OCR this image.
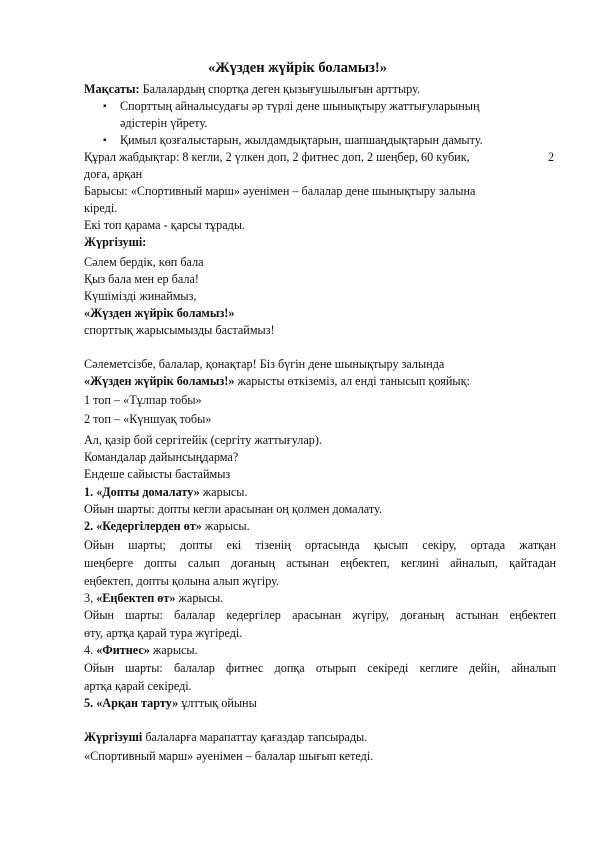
«Жүзден жүйрік боламыз!»
Мақсаты: Балалардың спортқа деген қызығушылығын арттыру.
▪ Спорттың айналысудағы әр түрлі дене шынықтыру жаттығуларының
әдістерін үйрету.
▪ Қимыл қозғалыстарын, жылдамдықтарын, шапшаңдықтарын дамыту.
Құрал жабдықтар: 8 кегли, 2 үлкен доп, 2 фитнес доп, 2 шеңбер, 60 кубик,	2
доға, арқан
Барысы: «Спортивный марш» әуенімен – балалар дене шынықтыру залына
кіреді.
Екі топ қарама - қарсы тұрады.
Жүргізуші:
Сәлем бердік, көп бала
Қыз бала мен ер бала!
Күшімізді жинаймыз,
«Жүзден жүйрік боламыз!»
спорттық жарысымызды бастаймыз!
Сәлеметсізбе, балалар, қонақтар! Біз бүгін дене шынықтыру залында
«Жүзден жүйрік боламыз!» жарысты өткіземіз, ал енді танысып қояйық:
1 топ – «Тұлпар тобы»
2 топ – «Күншуақ тобы»
Ал, қазір бой сергітейік (сергіту жаттығулар).
Командалар дайынсыңдарма?
Ендеше сайысты бастаймыз
1. «Допты домалату» жарысы.
Ойын шарты: допты кегли арасынан оң қолмен домалату.
2. «Кедергілерден өт» жарысы.
Ойын шарты; допты екі тізенің ортасында қысып секіру, ортада жатқан
шеңберге допты салып доғаның астынан еңбектеп, кеглині айналып, қайтадан
еңбектеп, допты қолына алып жүгіру.
3, «Еңбектеп өт» жарысы.
Ойын шарты: балалар кедергілер арасынан жүгіру, доғаның астынан еңбектеп
өту, артқа қарай тура жүгіреді.
4. «Фитнес» жарысы.
Ойын шарты: балалар фитнес допқа отырып секіреді кеглиге дейін, айналып
артқа қарай секіреді.
5. «Арқан тарту» ұлттық ойыны
Жүргізуші балаларға марапаттау қағаздар тапсырады.
«Спортивный марш» әуенімен – балалар шығып кетеді.
